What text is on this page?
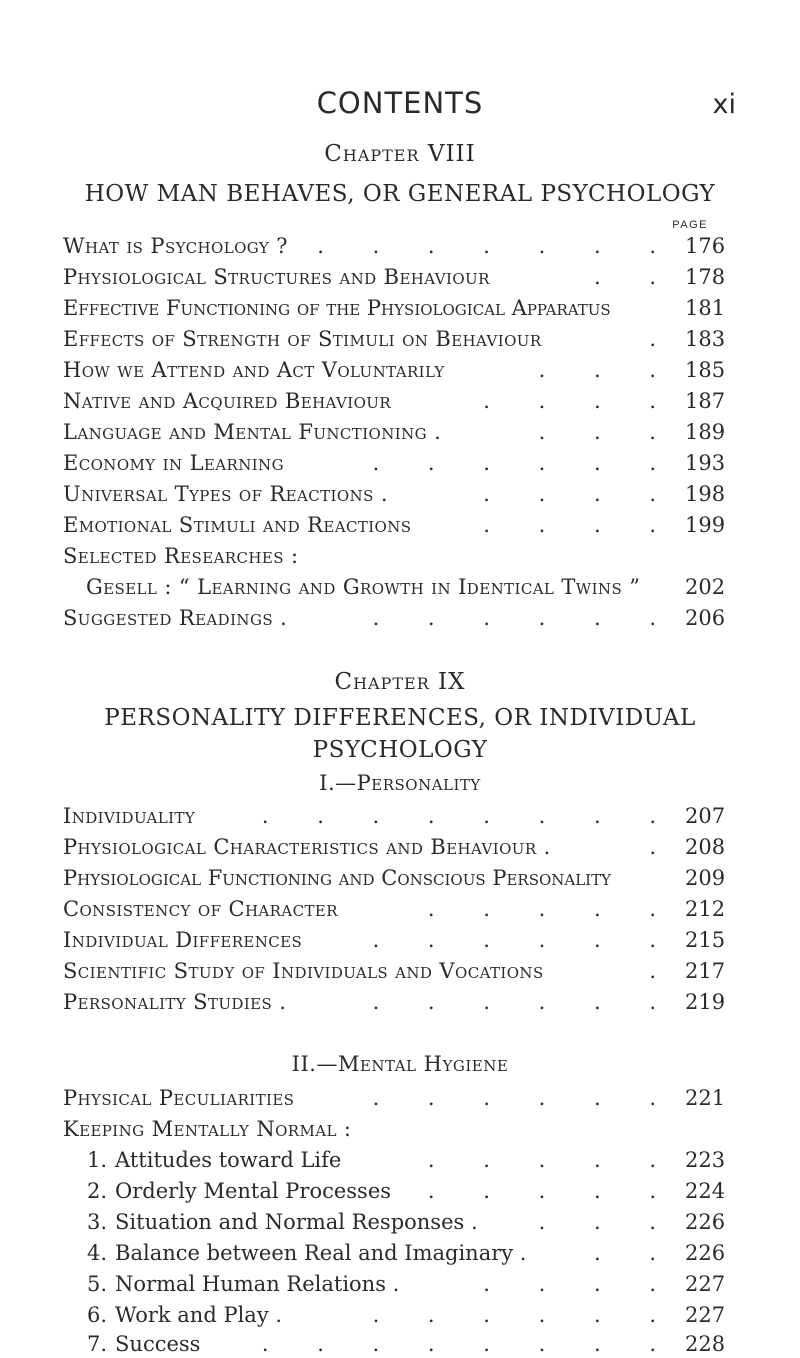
CONTENTS	xi
Chapter VIII
HOW MAN BEHAVES, OR GENERAL PSYCHOLOGY
PAGE
What is Psychology ? . . . . . . . 176
Physiological Structures and Behaviour	. . 178
Effective Functioning of the Physiological Apparatus	181
Effects of Strength of Stimuli on Behaviour	. 183
How we Attend and Act Voluntarily	. . . 185
Native and Acquired Behaviour	. . . . 187
Language and Mental Functioning .	. . . 189
Economy in Learning	. . . . . . 193
Universal Types of Reactions .	. . . . 198
Emotional Stimuli and Reactions	. . . . 199
Selected Researches :
Gesell : “ Learning and Growth in Identical Twins ” 202
Suggested Readings .	. . . . . . 206
Chapter IX
PERSONALITY DIFFERENCES, OR INDIVIDUAL
PSYCHOLOGY
I.—Personality
Individuality	. . . . . . . . 207
Physiological Characteristics and Behaviour .	. 208
Physiological Functioning and Conscious Personality	209
Consistency of Character	. . . . . 212
Individual Differences	. . . . . . 215
Scientific Study of Individuals and Vocations	. 217
Personality Studies .	. . . . . . 219
II.—Mental Hygiene
Physical Peculiarities	. . . . . . 221
Keeping Mentally Normal :
1. Attitudes toward Life	. . . . . 223
2. Orderly Mental Processes . . . . . 224
3. Situation and Normal Responses .	. . . 226
4. Balance between Real and Imaginary .	. . 226
5. Normal Human Relations .	. . . . 227
6. Work and Play .	. . . . . . 227
7. Success	. . . . . . . . 228
